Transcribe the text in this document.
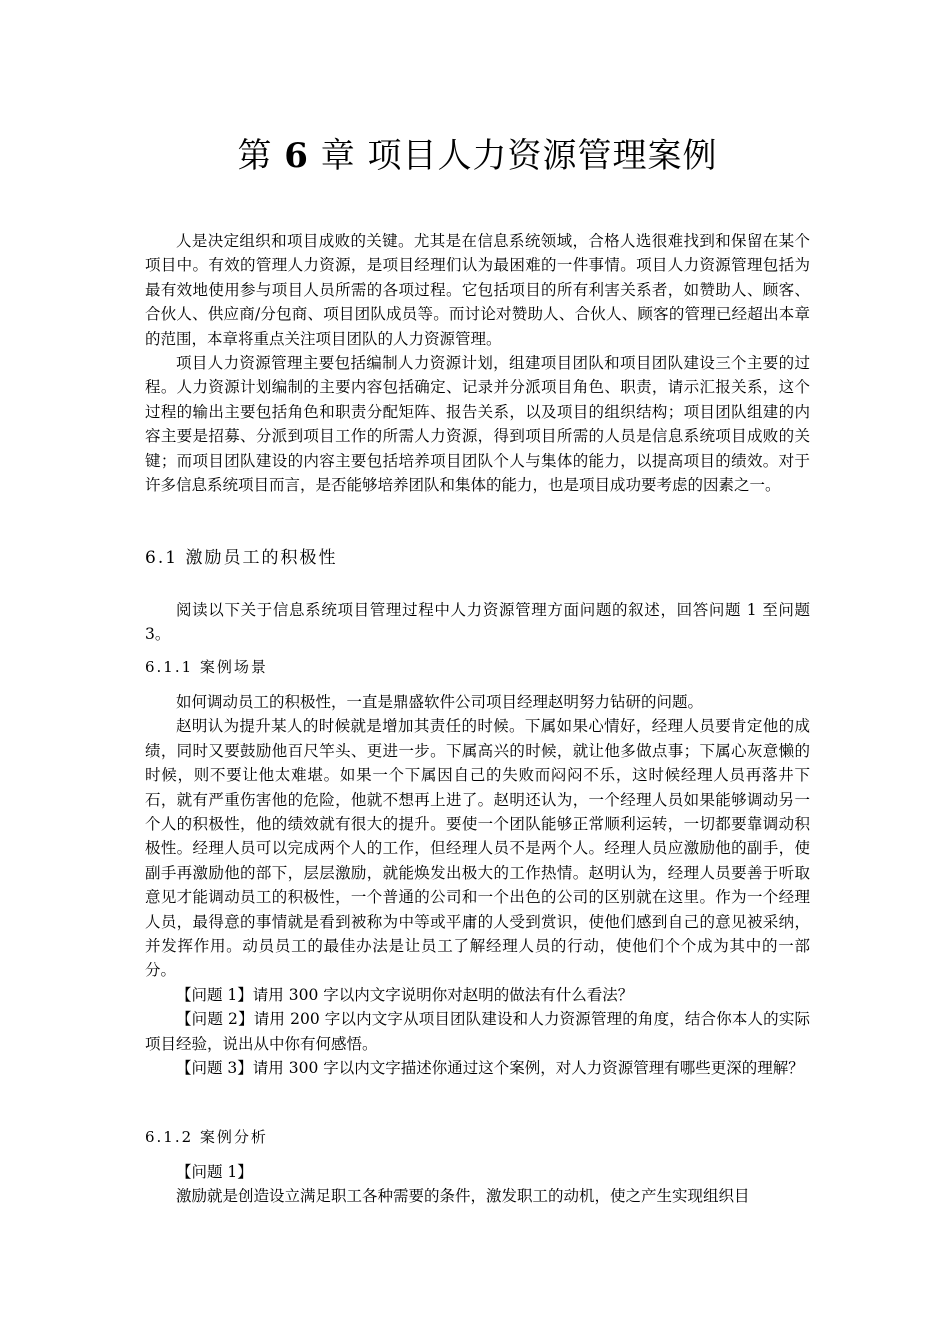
第 6 章 项目人力资源管理案例

人是决定组织和项目成败的关键。尤其是在信息系统领域，合格人选很难找到和保留在某个项目中。有效的管理人力资源，是项目经理们认为最困难的一件事情。项目人力资源管理包括为最有效地使用参与项目人员所需的各项过程。它包括项目的所有利害关系者，如赞助人、顾客、合伙人、供应商/分包商、项目团队成员等。而讨论对赞助人、合伙人、顾客的管理已经超出本章的范围，本章将重点关注项目团队的人力资源管理。

项目人力资源管理主要包括编制人力资源计划，组建项目团队和项目团队建设三个主要的过程。人力资源计划编制的主要内容包括确定、记录并分派项目角色、职责，请示汇报关系，这个过程的输出主要包括角色和职责分配矩阵、报告关系，以及项目的组织结构；项目团队组建的内容主要是招募、分派到项目工作的所需人力资源，得到项目所需的人员是信息系统项目成败的关键；而项目团队建设的内容主要包括培养项目团队个人与集体的能力，以提高项目的绩效。对于许多信息系统项目而言，是否能够培养团队和集体的能力，也是项目成功要考虑的因素之一。

6.1 激励员工的积极性

阅读以下关于信息系统项目管理过程中人力资源管理方面问题的叙述，回答问题 1 至问题 3。

6.1.1 案例场景

如何调动员工的积极性，一直是鼎盛软件公司项目经理赵明努力钻研的问题。

赵明认为提升某人的时候就是增加其责任的时候。下属如果心情好，经理人员要肯定他的成绩，同时又要鼓励他百尺竿头、更进一步。下属高兴的时候，就让他多做点事；下属心灰意懒的时候，则不要让他太难堪。如果一个下属因自己的失败而闷闷不乐，这时候经理人员再落井下石，就有严重伤害他的危险，他就不想再上进了。赵明还认为，一个经理人员如果能够调动另一个人的积极性，他的绩效就有很大的提升。要使一个团队能够正常顺利运转，一切都要靠调动积极性。经理人员可以完成两个人的工作，但经理人员不是两个人。经理人员应激励他的副手，使副手再激励他的部下，层层激励，就能焕发出极大的工作热情。赵明认为，经理人员要善于听取意见才能调动员工的积极性，一个普通的公司和一个出色的公司的区别就在这里。作为一个经理人员，最得意的事情就是看到被称为中等或平庸的人受到赏识，使他们感到自己的意见被采纳，并发挥作用。动员员工的最佳办法是让员工了解经理人员的行动，使他们个个成为其中的一部分。

【问题 1】请用 300 字以内文字说明你对赵明的做法有什么看法？

【问题 2】请用 200 字以内文字从项目团队建设和人力资源管理的角度，结合你本人的实际项目经验，说出从中你有何感悟。

【问题 3】请用 300 字以内文字描述你通过这个案例，对人力资源管理有哪些更深的理解？

6.1.2 案例分析

【问题 1】

激励就是创造设立满足职工各种需要的条件，激发职工的动机，使之产生实现组织目
